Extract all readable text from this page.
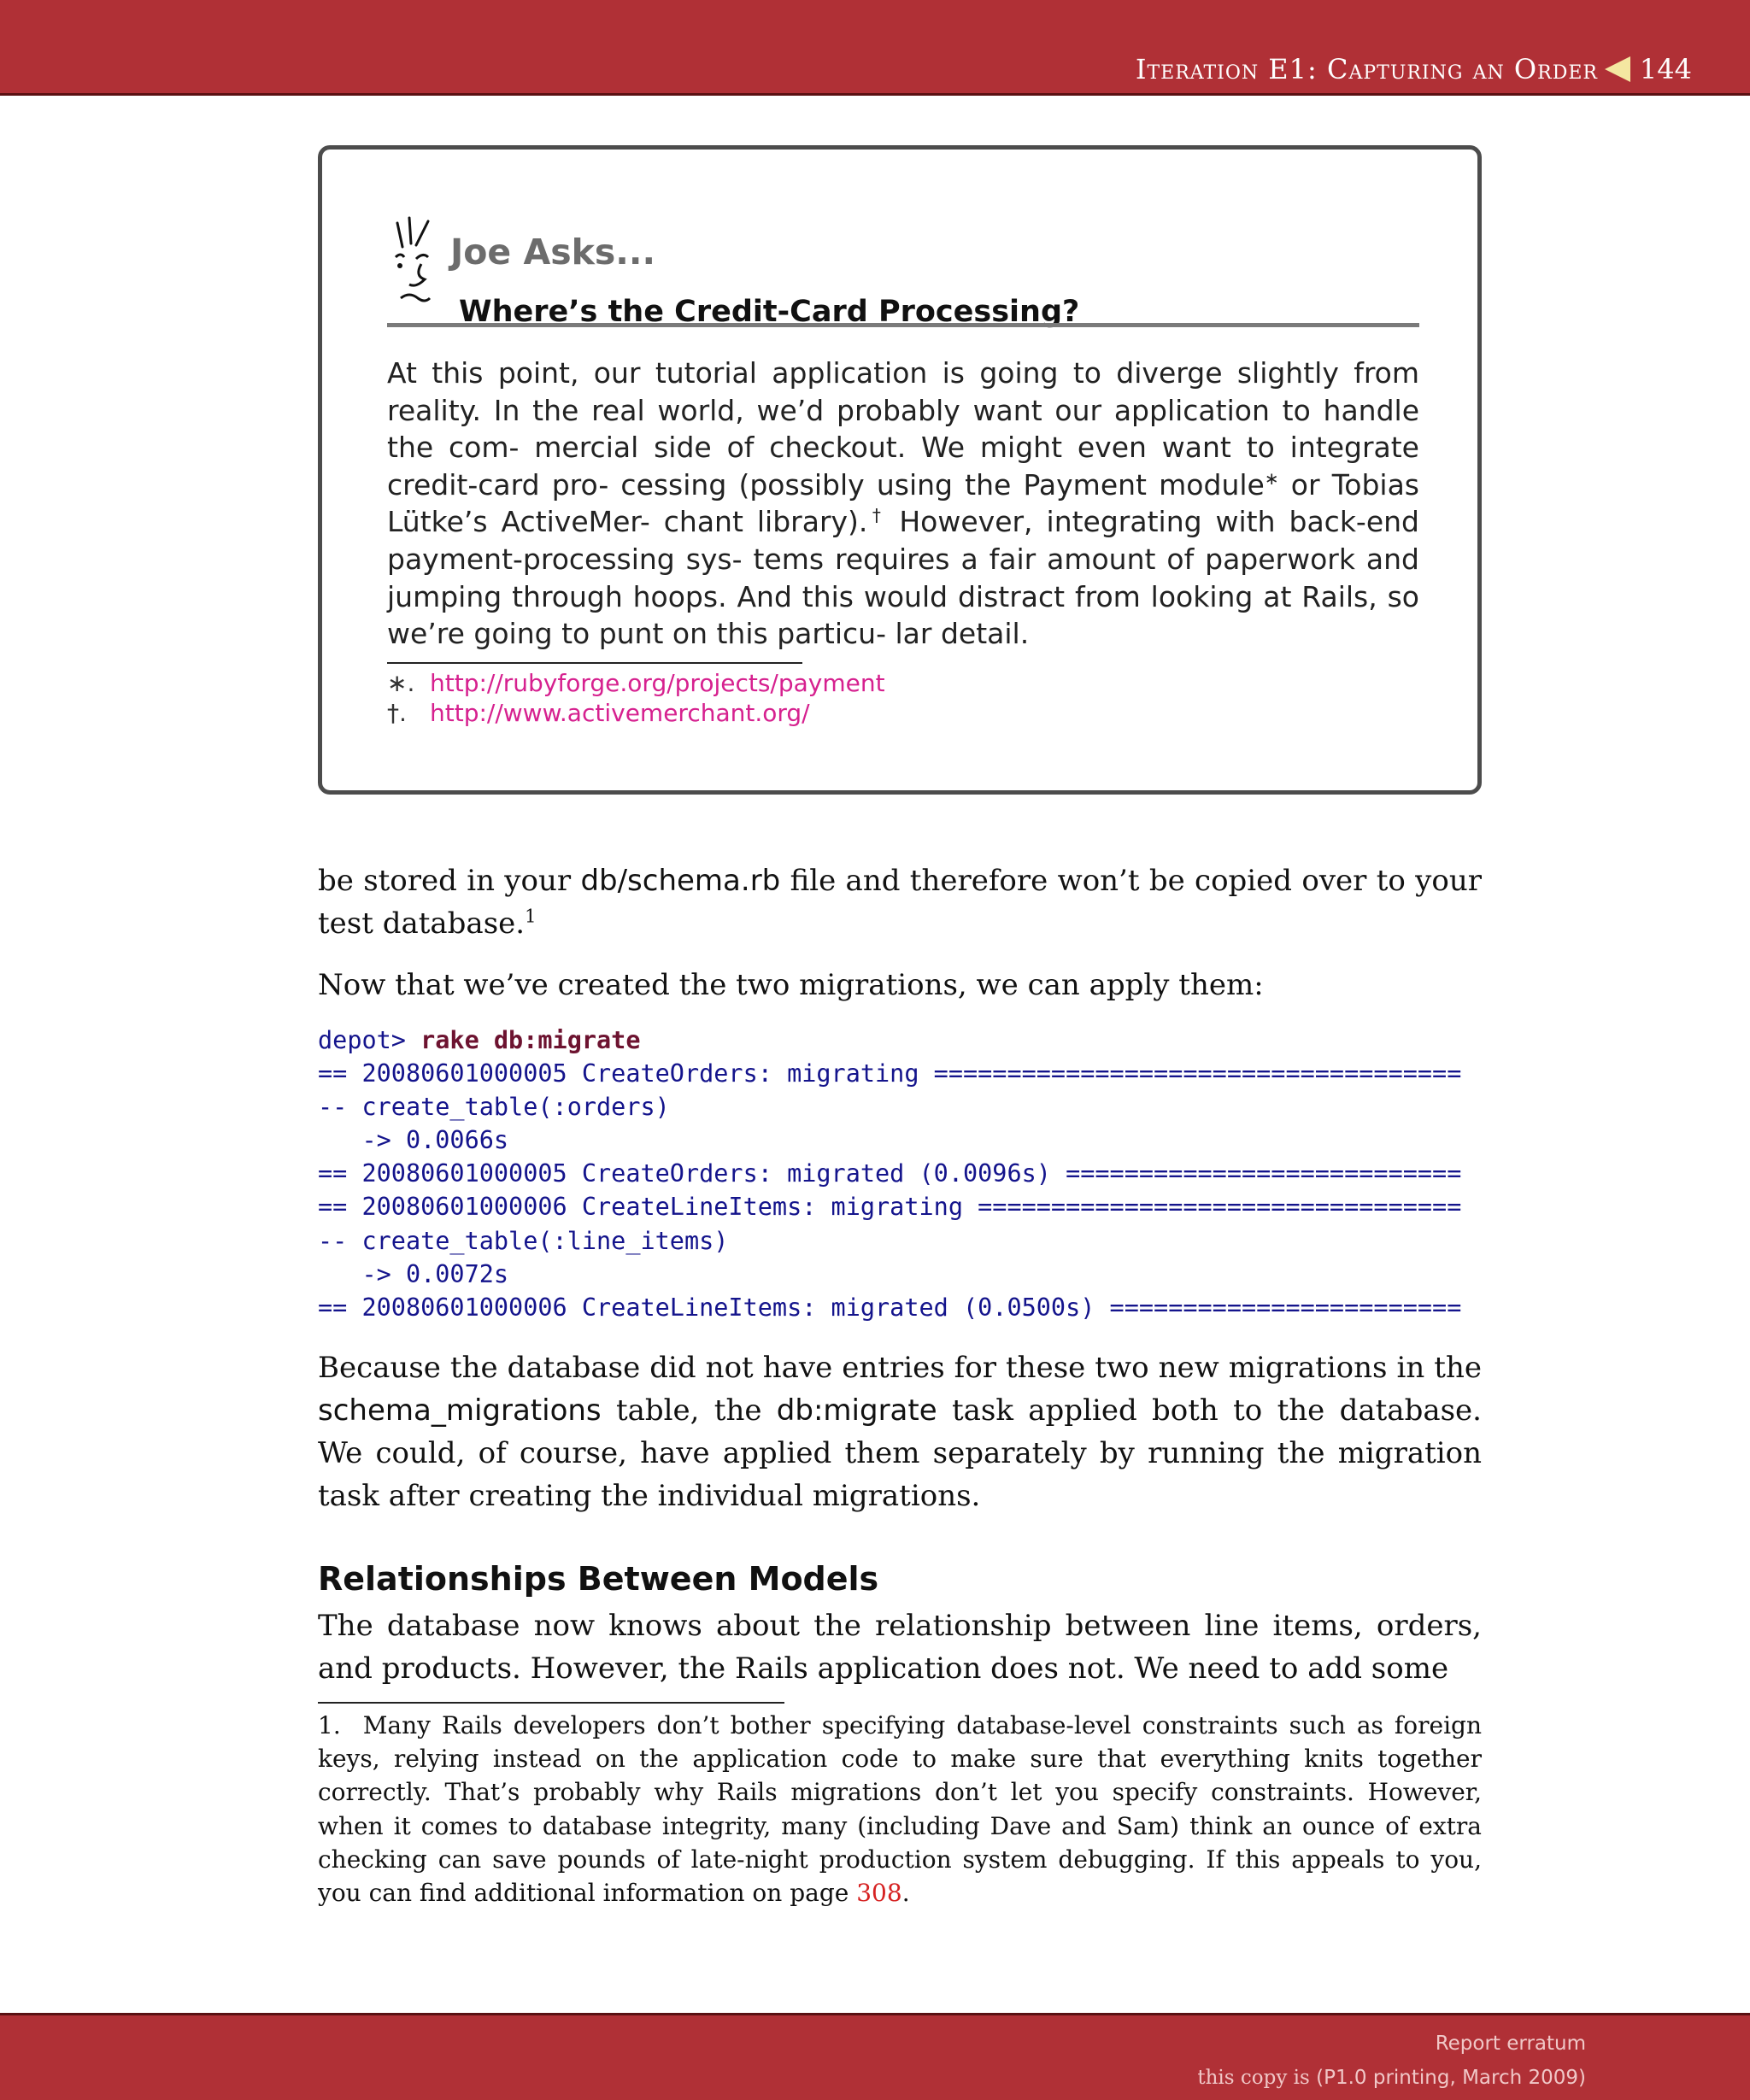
Iteration E1: Capturing an Order 144
Joe Asks...
Where’s the Credit-Card Processing?
At this point, our tutorial application is going to diverge slightly from reality. In the real world, we’d probably want our application to handle the com- mercial side of checkout. We might even want to integrate credit-card pro- cessing (possibly using the Payment module∗ or Tobias Lütke’s ActiveMer- chant library).† However, integrating with back-end payment-processing sys- tems requires a fair amount of paperwork and jumping through hoops. And this would distract from looking at Rails, so we’re going to punt on this particu- lar detail.
∗. http://rubyforge.org/projects/payment
†. http://www.activemerchant.org/
be stored in your db/schema.rb file and therefore won’t be copied over to your test database.$^1$
Now that we’ve created the two migrations, we can apply them:
depot> rake db:migrate
== 20080601000005 CreateOrders: migrating ====================================
-- create_table(:orders)
-> 0.0066s
== 20080601000005 CreateOrders: migrated (0.0096s) ===========================
== 20080601000006 CreateLineItems: migrating =================================
-- create_table(:line_items)
-> 0.0072s
== 20080601000006 CreateLineItems: migrated (0.0500s) ========================
Because the database did not have entries for these two new migrations in the schema_migrations table, the db:migrate task applied both to the database. We could, of course, have applied them separately by running the migration task after creating the individual migrations.
Relationships Between Models
The database now knows about the relationship between line items, orders, and products. However, the Rails application does not. We need to add some
1. Many Rails developers don’t bother specifying database-level constraints such as foreign keys, relying instead on the application code to make sure that everything knits together correctly. That’s probably why Rails migrations don’t let you specify constraints. However, when it comes to database integrity, many (including Dave and Sam) think an ounce of extra checking can save pounds of late-night production system debugging. If this appeals to you, you can find additional information on page 308.
Report erratum
this copy is (P1.0 printing, March 2009)
